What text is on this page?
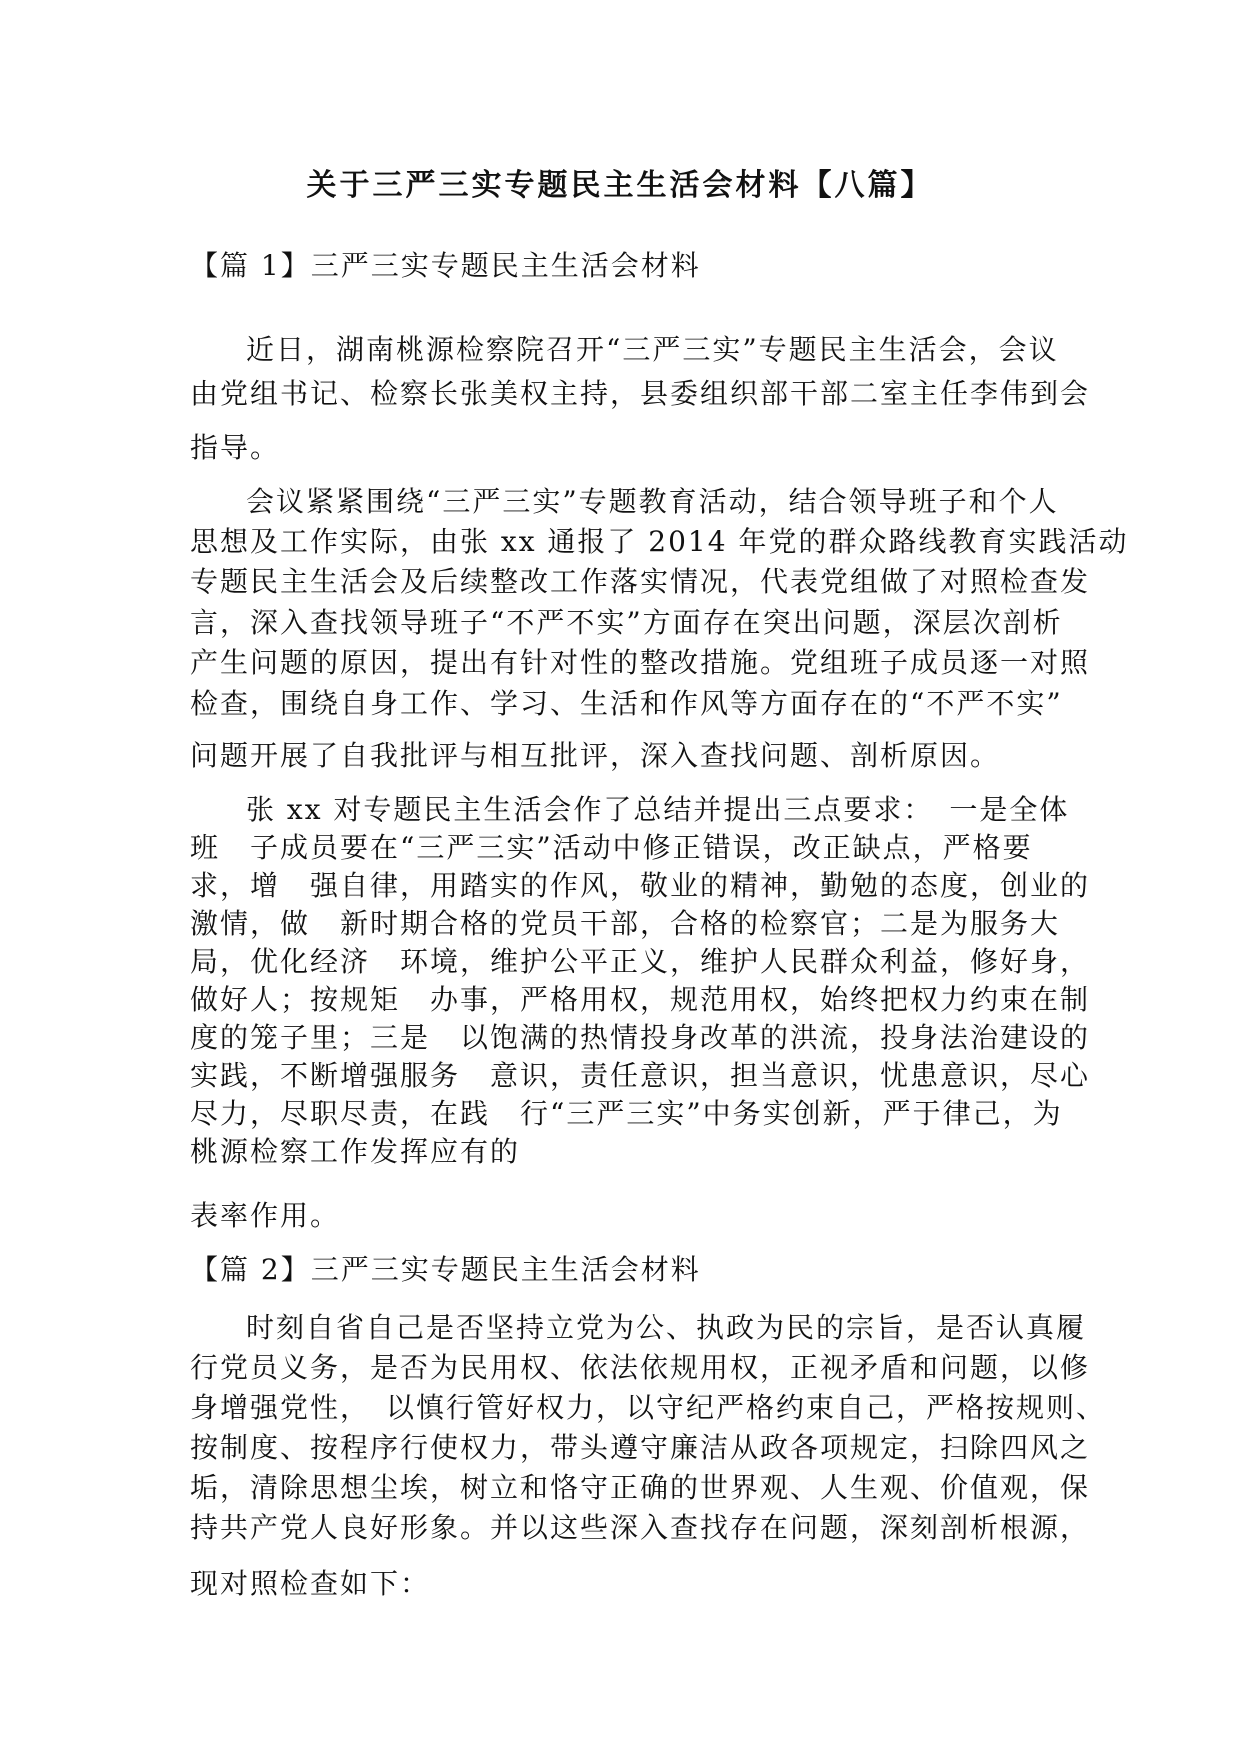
关于三严三实专题民主生活会材料【八篇】
【篇 1】三严三实专题民主生活会材料
近日，湖南桃源检察院召开“三严三实”专题民主生活会，会议
由党组书记、检察长张美权主持，县委组织部干部二室主任李伟到会
指导。
会议紧紧围绕“三严三实”专题教育活动，结合领导班子和个人
思想及工作实际，由张 xx 通报了 2014 年党的群众路线教育实践活动
专题民主生活会及后续整改工作落实情况，代表党组做了对照检查发
言，深入查找领导班子“不严不实”方面存在突出问题，深层次剖析
产生问题的原因，提出有针对性的整改措施。党组班子成员逐一对照
检查，围绕自身工作、学习、生活和作风等方面存在的“不严不实”
问题开展了自我批评与相互批评，深入查找问题、剖析原因。
张 xx 对专题民主生活会作了总结并提出三点要求：　一是全体
班　子成员要在“三严三实”活动中修正错误，改正缺点，严格要
求，增　强自律，用踏实的作风，敬业的精神，勤勉的态度，创业的
激情，做　新时期合格的党员干部，合格的检察官；二是为服务大
局，优化经济　环境，维护公平正义，维护人民群众利益，修好身，
做好人；按规矩　办事，严格用权，规范用权，始终把权力约束在制
度的笼子里；三是　以饱满的热情投身改革的洪流，投身法治建设的
实践，不断增强服务　意识，责任意识，担当意识，忧患意识，尽心
尽力，尽职尽责，在践　行“三严三实”中务实创新，严于律己，为
桃源检察工作发挥应有的
表率作用。
【篇 2】三严三实专题民主生活会材料
时刻自省自己是否坚持立党为公、执政为民的宗旨，是否认真履
行党员义务，是否为民用权、依法依规用权，正视矛盾和问题，以修
身增强党性，　以慎行管好权力，以守纪严格约束自己，严格按规则、
按制度、按程序行使权力，带头遵守廉洁从政各项规定，扫除四风之
垢，清除思想尘埃，树立和恪守正确的世界观、人生观、价值观，保
持共产党人良好形象。并以这些深入查找存在问题，深刻剖析根源，
现对照检查如下：
